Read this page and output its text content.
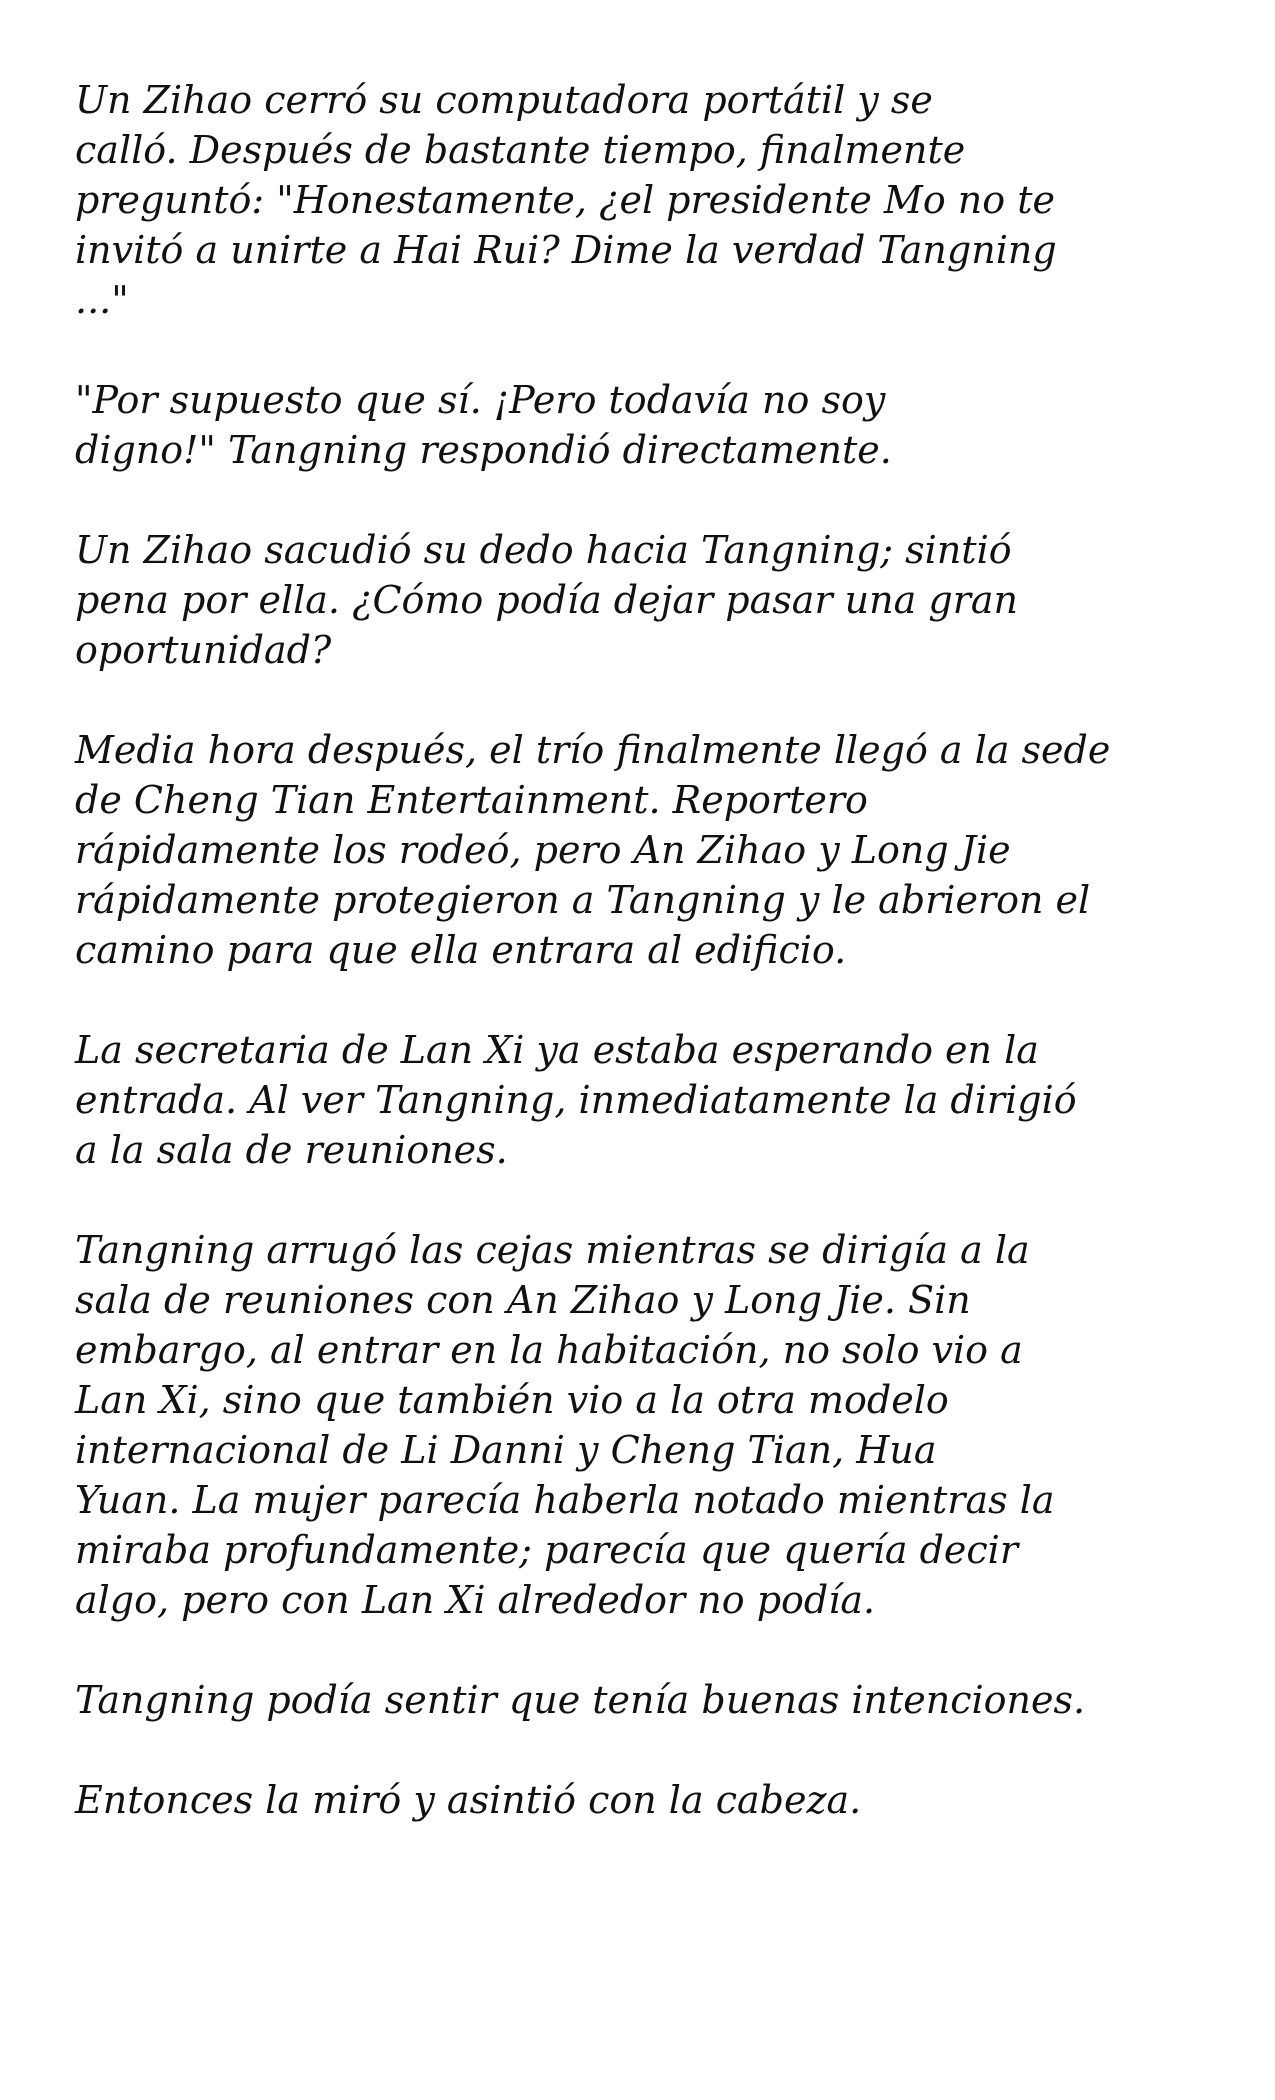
Un Zihao cerró su computadora portátil y se
calló. Después de bastante tiempo, finalmente
preguntó: "Honestamente, ¿el presidente Mo no te
invitó a unirte a Hai Rui? Dime la verdad Tangning
..."

"Por supuesto que sí. ¡Pero todavía no soy
digno!" Tangning respondió directamente.

Un Zihao sacudió su dedo hacia Tangning; sintió
pena por ella. ¿Cómo podía dejar pasar una gran
oportunidad?

Media hora después, el trío finalmente llegó a la sede
de Cheng Tian Entertainment. Reportero
rápidamente los rodeó, pero An Zihao y Long Jie
rápidamente protegieron a Tangning y le abrieron el
camino para que ella entrara al edificio.

La secretaria de Lan Xi ya estaba esperando en la
entrada. Al ver Tangning, inmediatamente la dirigió
a la sala de reuniones.

Tangning arrugó las cejas mientras se dirigía a la
sala de reuniones con An Zihao y Long Jie. Sin
embargo, al entrar en la habitación, no solo vio a
Lan Xi, sino que también vio a la otra modelo
internacional de Li Danni y Cheng Tian, Hua
Yuan. La mujer parecía haberla notado mientras la
miraba profundamente; parecía que quería decir
algo, pero con Lan Xi alrededor no podía.

Tangning podía sentir que tenía buenas intenciones.

Entonces la miró y asintió con la cabeza.
